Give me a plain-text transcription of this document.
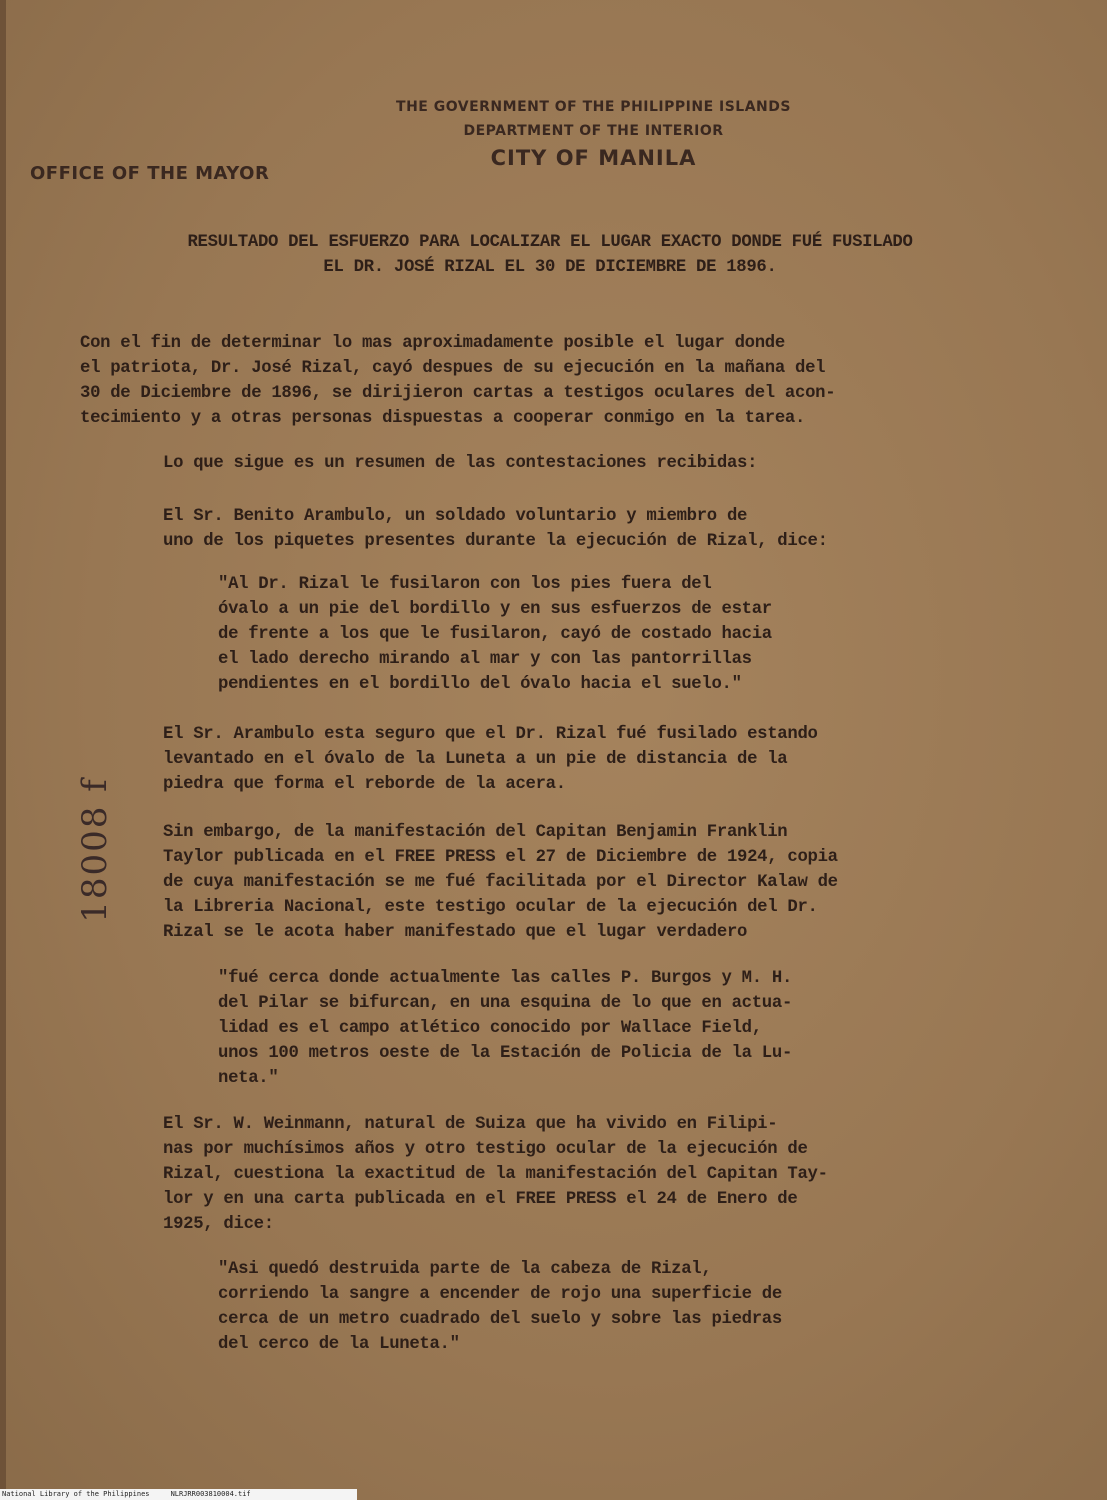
THE GOVERNMENT OF THE PHILIPPINE ISLANDS
DEPARTMENT OF THE INTERIOR
CITY OF MANILA
OFFICE OF THE MAYOR
RESULTADO DEL ESFUERZO PARA LOCALIZAR EL LUGAR EXACTO DONDE FUÉ FUSILADO
EL DR. JOSÉ RIZAL EL 30 DE DICIEMBRE DE 1896.

Con el fin de determinar lo mas aproximadamente posible el lugar donde
el patriota, Dr. José Rizal, cayó despues de su ejecución en la mañana del
30 de Diciembre de 1896, se dirijieron cartas a testigos oculares del acon-
tecimiento y a otras personas dispuestas a cooperar conmigo en la tarea.

Lo que sigue es un resumen de las contestaciones recibidas:

El Sr. Benito Arambulo, un soldado voluntario y miembro de
uno de los piquetes presentes durante la ejecución de Rizal, dice:

"Al Dr. Rizal le fusilaron con los pies fuera del
óvalo a un pie del bordillo y en sus esfuerzos de estar
de frente a los que le fusilaron, cayó de costado hacia
el lado derecho mirando al mar y con las pantorrillas
pendientes en el bordillo del óvalo hacia el suelo."

El Sr. Arambulo esta seguro que el Dr. Rizal fué fusilado estando
levantado en el óvalo de la Luneta a un pie de distancia de la
piedra que forma el reborde de la acera.

Sin embargo, de la manifestación del Capitan Benjamin Franklin
Taylor publicada en el FREE PRESS el 27 de Diciembre de 1924, copia
de cuya manifestación se me fué facilitada por el Director Kalaw de
la Libreria Nacional, este testigo ocular de la ejecución del Dr.
Rizal se le acota haber manifestado que el lugar verdadero

"fué cerca donde actualmente las calles P. Burgos y M. H.
del Pilar se bifurcan, en una esquina de lo que en actua-
lidad es el campo atlético conocido por Wallace Field,
unos 100 metros oeste de la Estación de Policia de la Lu-
neta."

El Sr. W. Weinmann, natural de Suiza que ha vivido en Filipi-
nas por muchísimos años y otro testigo ocular de la ejecución de
Rizal, cuestiona la exactitud de la manifestación del Capitan Tay-
lor y en una carta publicada en el FREE PRESS el 24 de Enero de
1925, dice:

"Asi quedó destruida parte de la cabeza de Rizal,
corriendo la sangre a encender de rojo una superficie de
cerca de un metro cuadrado del suelo y sobre las piedras
del cerco de la Luneta."

18008 f
National Library of the Philippines     NLRJRR003810004.tif
